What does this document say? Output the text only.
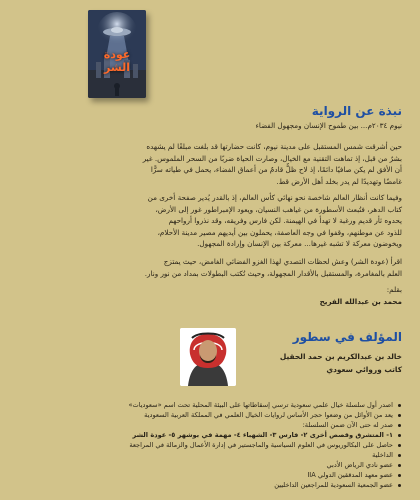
عودة الشر
نبذة عن الرواية
نيوم ٢٠٣٤م... بين طموح الإنسان ومجهول الفضاء
حين أشرقت شمس المستقبل على مدينة نيوم، كانت حضارتها قد بلغت مبلغًا لم يشهده
بشرٌ من قبل، إذ تماهت التقنية مع الخيال، وصارت الحياة ضربًا من السحر الملموس. غير
أن الأفق لم يكن صافيًا دائمًا، إذ لاح ظلٌّ قادمٌ من أعماق الفضاء، يحمل في طياته سرًّا
غامضًا وتهديدًا لم يدر بخلد أهل الأرض قط.
وفيما كانت أنظار العالم شاخصة نحو نهائي كأس العالم، إذ بالقدر يُدير صفحة أخرى من
كتاب الدهر، فتُبعث الأسطورة من غياهب النسيان، ويعود الإمبراطور غور إلى الأرض،
يحدوه ثأر قديم ورغبة لا تهدأ في الهيمنة. لكن فارس وفريقه، وقد نذروا أرواحهم
للذود عن موطنهم، وقفوا في وجه العاصفة، يحملون بين أيديهم مصير مدينة الأحلام،
ويخوضون معركة لا تشبه غيرها... معركة بين الإنسان وإرادة المجهول.
اقرأ (عودة الشر) وعش لحظات التصدي لهذا الغزو الفضائي الغامض، حيث يمتزج
العلم بالمغامرة، والمستقبل بالأقدار المجهولة، وحيث تُكتب البطولات بمداد من نور ونار.
بقلم:
محمد بن عبدالله الفريح
المؤلف في سطور
خالد بن عبدالكريم بن حمد الحقيل
كاتب وروائي سعودي
اصدر أول سلسلة خيال علمي سعودية ترسي إسقاطاتها على البيئة المحلية تحت اسم «سعوديات»
يعد من الأوائل من وضعوا حجر الأساس لروايات الخيال العلمي في المملكة العربية السعودية
صدر له حتى الآن ضمن السلسلة:
١- المتشرق وقصص أخرى ٢- فارس ٣- الشهباء ٤- مهمة في بوشهر ٥- عودة الشر
حاصل على البكالوريوس في العلوم السياسية والماجستير في إدارة الأعمال والزمالة في المراجعة
الداخلية
عضو نادي الرياض الأدبي
عضو معهد المدققين الدولي IIA
عضو الجمعية السعودية للمراجعين الداخليين
